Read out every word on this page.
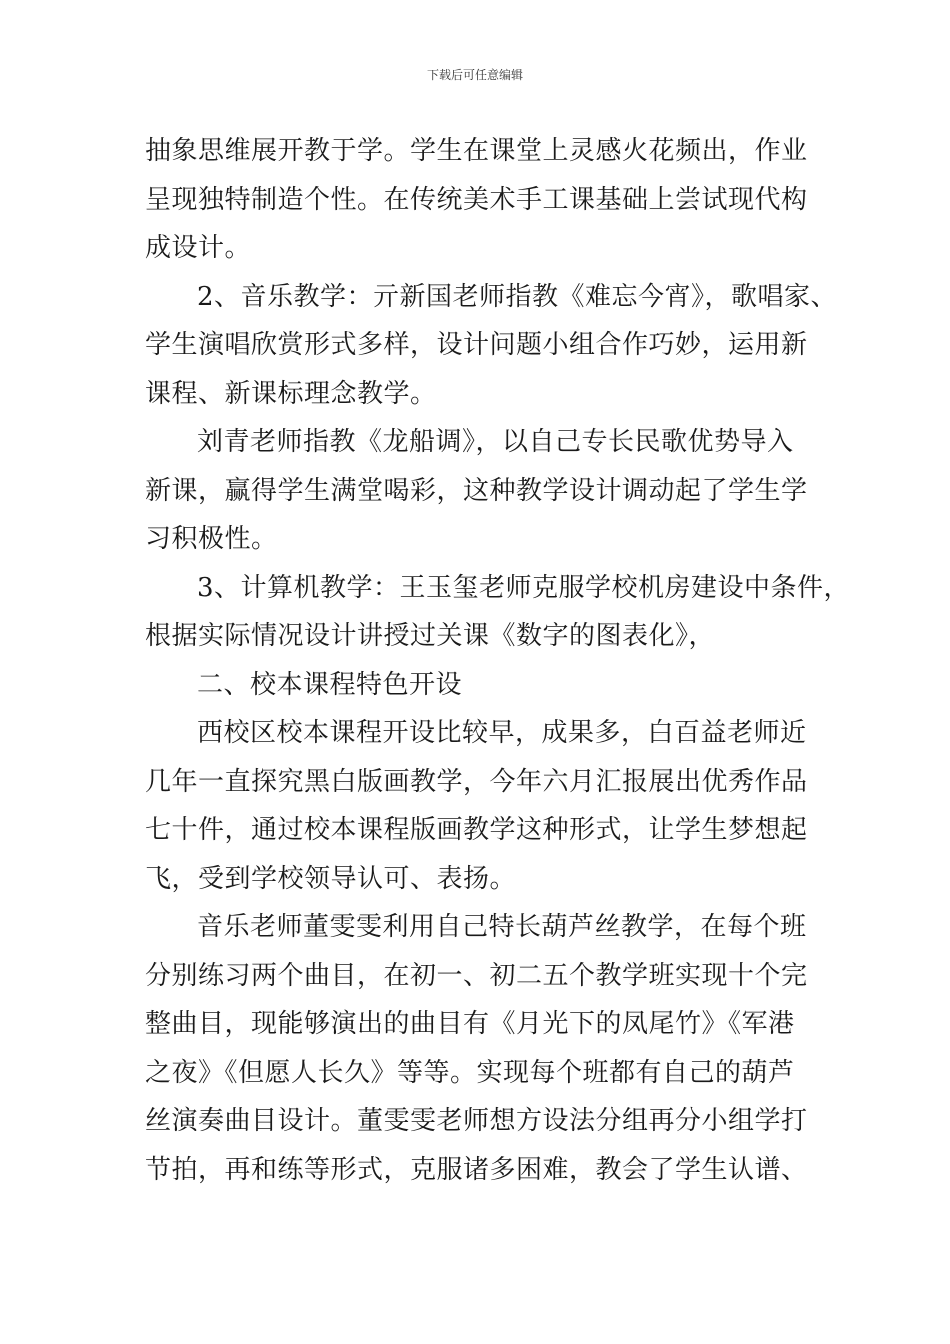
下载后可任意编辑

抽象思维展开教于学。学生在课堂上灵感火花频出，作业
呈现独特制造个性。在传统美术手工课基础上尝试现代构
成设计。

2、音乐教学：亓新国老师指教《难忘今宵》，歌唱家、
学生演唱欣赏形式多样，设计问题小组合作巧妙，运用新
课程、新课标理念教学。

刘青老师指教《龙船调》，以自己专长民歌优势导入
新课，赢得学生满堂喝彩，这种教学设计调动起了学生学
习积极性。

3、计算机教学：王玉玺老师克服学校机房建设中条件，
根据实际情况设计讲授过关课《数字的图表化》，

二、校本课程特色开设

西校区校本课程开设比较早，成果多，白百益老师近
几年一直探究黑白版画教学，今年六月汇报展出优秀作品
七十件，通过校本课程版画教学这种形式，让学生梦想起
飞，受到学校领导认可、表扬。

音乐老师董雯雯利用自己特长葫芦丝教学，在每个班
分别练习两个曲目，在初一、初二五个教学班实现十个完
整曲目，现能够演出的曲目有《月光下的凤尾竹》《军港
之夜》《但愿人长久》等等。实现每个班都有自己的葫芦
丝演奏曲目设计。董雯雯老师想方设法分组再分小组学打
节拍，再和练等形式，克服诸多困难，教会了学生认谱、
